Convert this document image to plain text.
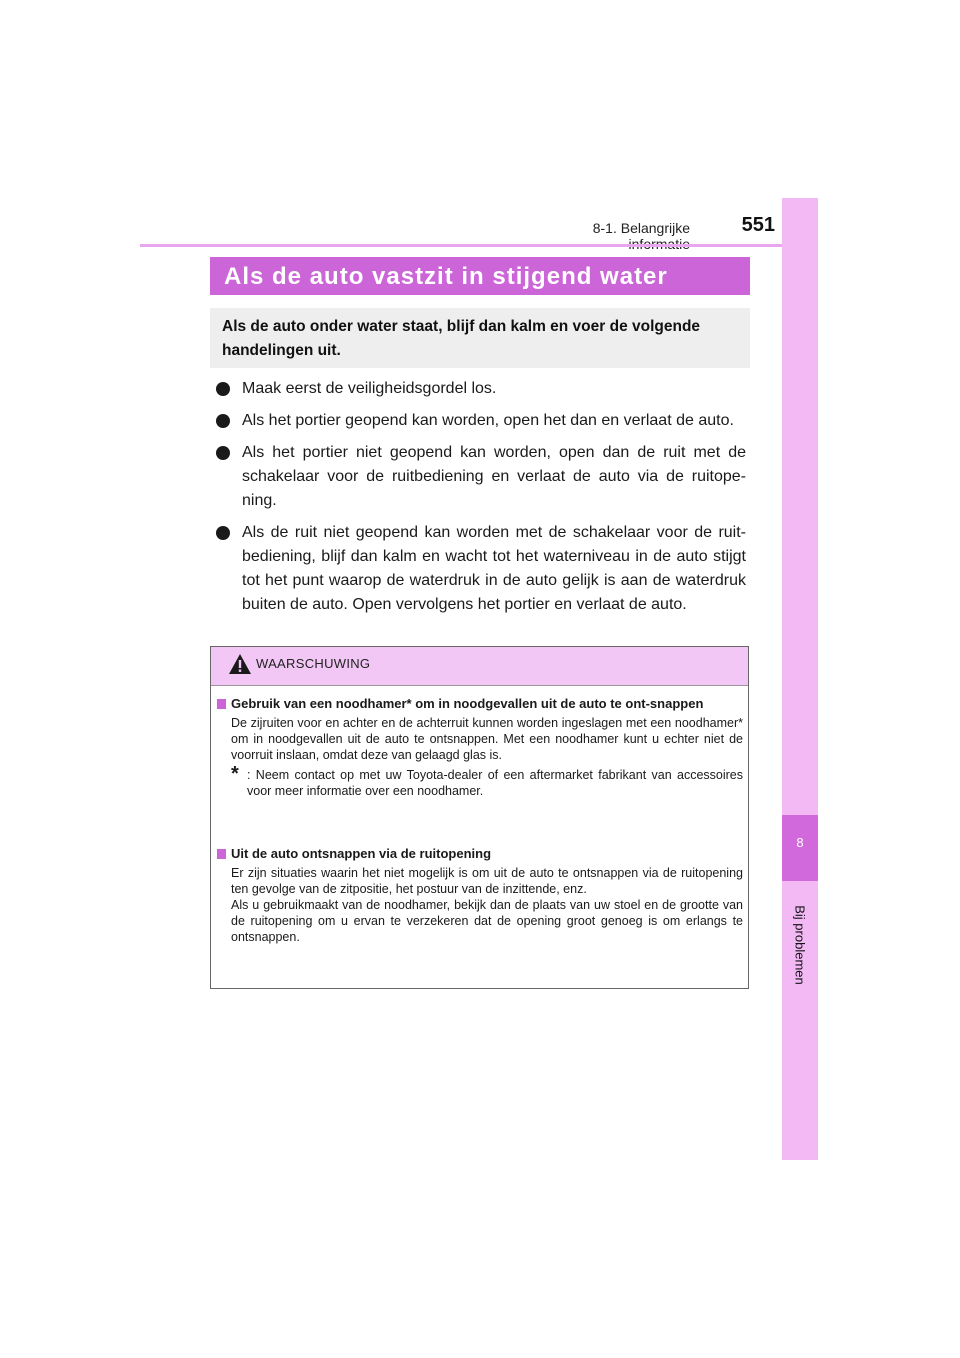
8-1. Belangrijke	551
8
Bij problemen
Als de auto vastzit in stijgend water
Als de auto onder water staat, blijf dan kalm en voer de volgende handelingen uit.
Maak eerst de veiligheidsgordel los.
Als het portier geopend kan worden, open het dan en verlaat de auto.
Als het portier niet geopend kan worden, open dan de ruit met de schakelaar voor de ruitbediening en verlaat de auto via de ruitope-ning.
Als de ruit niet geopend kan worden met de schakelaar voor de ruit-bediening, blijf dan kalm en wacht tot het waterniveau in de auto stijgt tot het punt waarop de waterdruk in de auto gelijk is aan de waterdruk buiten de auto. Open vervolgens het portier en verlaat de auto.
WAARSCHUWING
Gebruik van een noodhamer* om in noodgevallen uit de auto te ont-snappen
De zijruiten voor en achter en de achterruit kunnen worden ingeslagen met een noodhamer* om in noodgevallen uit de auto te ontsnappen. Met een noodhamer kunt u echter niet de voorruit inslaan, omdat deze van gelaagd glas is.
* : Neem contact op met uw Toyota-dealer of een aftermarket fabrikant van accessoires voor meer informatie over een noodhamer.
Uit de auto ontsnappen via de ruitopening
Er zijn situaties waarin het niet mogelijk is om uit de auto te ontsnappen via de ruitopening ten gevolge van de zitpositie, het postuur van de inzittende, enz.
Als u gebruikmaakt van de noodhamer, bekijk dan de plaats van uw stoel en de grootte van de ruitopening om u ervan te verzekeren dat de opening groot genoeg is om erlangs te ontsnappen.
